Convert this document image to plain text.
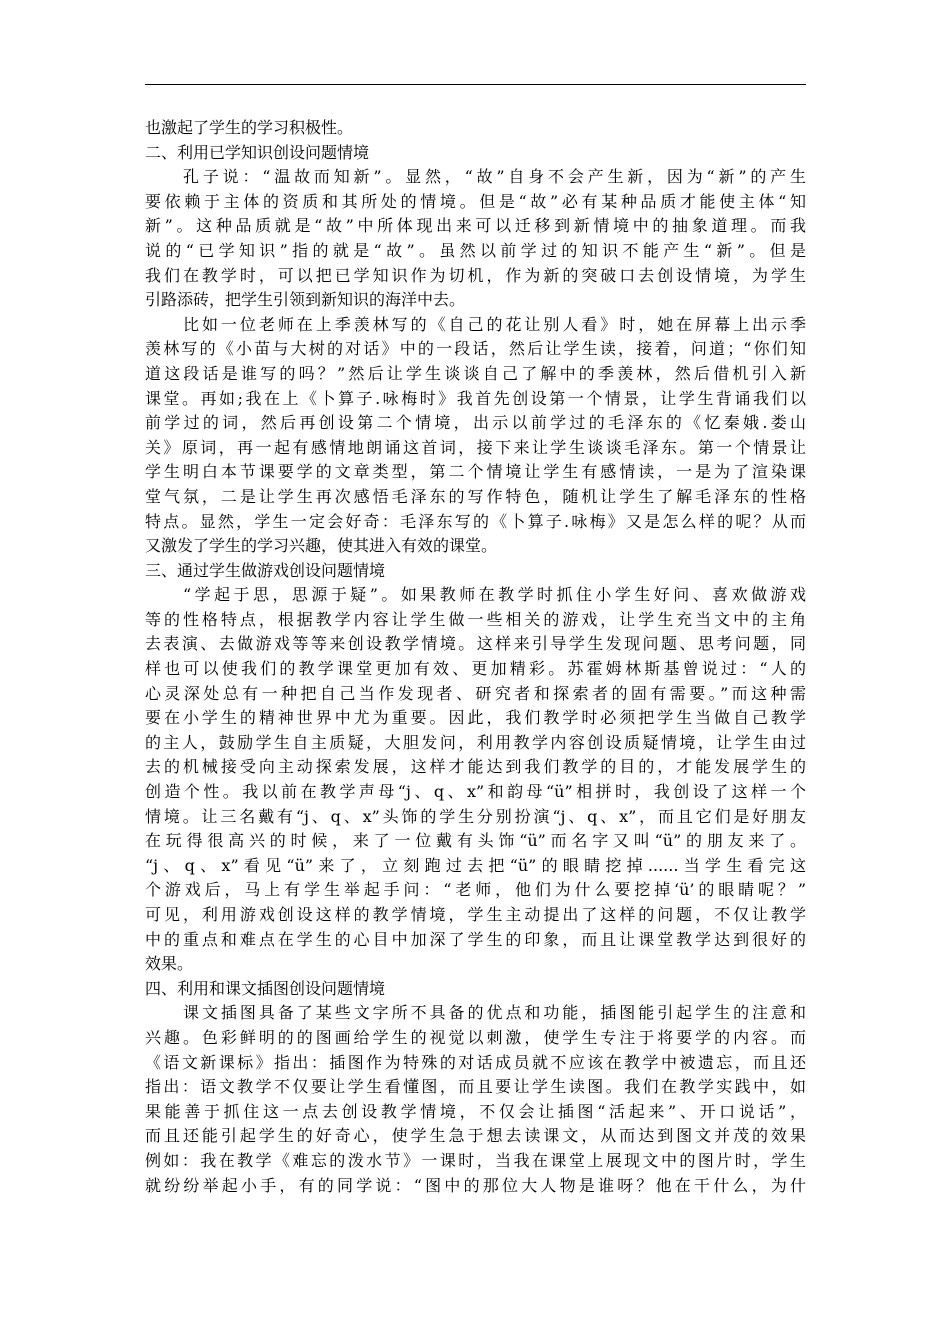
也激起了学生的学习积极性。
二、利用已学知识创设问题情境
孔子说：“温故而知新”。显然，“故”自身不会产生新，因为“新”的产生
要依赖于主体的资质和其所处的情境。但是“故”必有某种品质才能使主体“知
新”。这种品质就是“故”中所体现出来可以迁移到新情境中的抽象道理。而我
说的“已学知识”指的就是“故”。虽然以前学过的知识不能产生“新”。但是
我们在教学时，可以把已学知识作为切机，作为新的突破口去创设情境，为学生
引路添砖，把学生引领到新知识的海洋中去。
比如一位老师在上季羡林写的《自己的花让别人看》时，她在屏幕上出示季
羡林写的《小苗与大树的对话》中的一段话，然后让学生读，接着，问道；“你们知
道这段话是谁写的吗？”然后让学生谈谈自己了解中的季羡林，然后借机引入新
课堂。再如;我在上《卜算子.咏梅时》我首先创设第一个情景，让学生背诵我们以
前学过的词，然后再创设第二个情境，出示以前学过的毛泽东的《忆秦娥.娄山
关》原词，再一起有感情地朗诵这首词，接下来让学生谈谈毛泽东。第一个情景让
学生明白本节课要学的文章类型，第二个情境让学生有感情读，一是为了渲染课
堂气氛，二是让学生再次感悟毛泽东的写作特色，随机让学生了解毛泽东的性格
特点。显然，学生一定会好奇：毛泽东写的《卜算子.咏梅》又是怎么样的呢？从而
又激发了学生的学习兴趣，使其进入有效的课堂。
三、通过学生做游戏创设问题情境
“学起于思，思源于疑”。如果教师在教学时抓住小学生好问、喜欢做游戏
等的性格特点，根据教学内容让学生做一些相关的游戏，让学生充当文中的主角
去表演、去做游戏等等来创设教学情境。这样来引导学生发现问题、思考问题，同
样也可以使我们的教学课堂更加有效、更加精彩。苏霍姆林斯基曾说过：“人的
心灵深处总有一种把自己当作发现者、研究者和探索者的固有需要。”而这种需
要在小学生的精神世界中尤为重要。因此，我们教学时必须把学生当做自己教学
的主人，鼓励学生自主质疑，大胆发问，利用教学内容创设质疑情境，让学生由过
去的机械接受向主动探索发展，这样才能达到我们教学的目的，才能发展学生的
创造个性。我以前在教学声母“j、q、x”和韵母“ü”相拼时，我创设了这样一个
情境。让三名戴有“j、q、x”头饰的学生分别扮演“j、q、x”，而且它们是好朋友
在玩得很高兴的时候，来了一位戴有头饰“ü”而名字又叫“ü”的朋友来了。
“j、q、x”看见“ü”来了，立刻跑过去把“ü”的眼睛挖掉......当学生看完这
个游戏后，马上有学生举起手问：“老师，他们为什么要挖掉‘ü’的眼睛呢？”
可见，利用游戏创设这样的教学情境，学生主动提出了这样的问题，不仅让教学
中的重点和难点在学生的心目中加深了学生的印象，而且让课堂教学达到很好的
效果。
四、利用和课文插图创设问题情境
课文插图具备了某些文字所不具备的优点和功能，插图能引起学生的注意和
兴趣。色彩鲜明的的图画给学生的视觉以刺激，使学生专注于将要学的内容。而
《语文新课标》指出：插图作为特殊的对话成员就不应该在教学中被遗忘，而且还
指出：语文教学不仅要让学生看懂图，而且要让学生读图。我们在教学实践中，如
果能善于抓住这一点去创设教学情境，不仅会让插图“活起来”、开口说话”，
而且还能引起学生的好奇心，使学生急于想去读课文，从而达到图文并茂的效果
例如：我在教学《难忘的泼水节》一课时，当我在课堂上展现文中的图片时，学生
就纷纷举起小手，有的同学说：“图中的那位大人物是谁呀？他在干什么，为什
